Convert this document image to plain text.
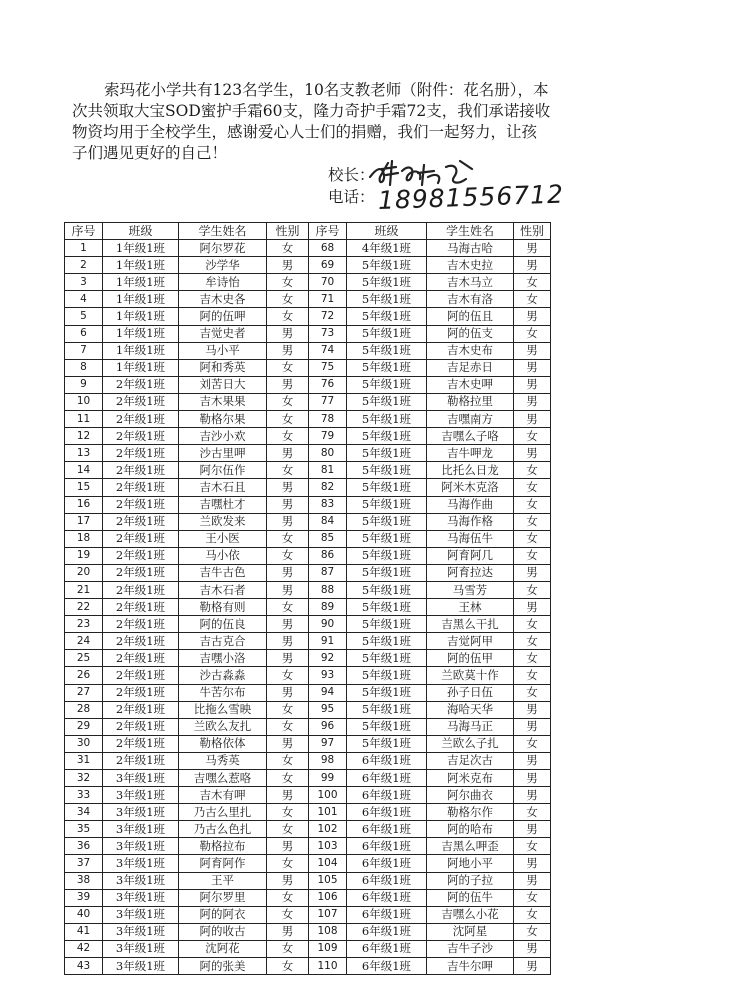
索玛花小学共有123名学生，10名支教老师（附件：花名册），本次共领取大宝SOD蜜护手霜60支，隆力奇护手霜72支，我们承诺接收物资均用于全校学生，感谢爱心人士们的捐赠，我们一起努力，让孩子们遇见更好的自己！

校长：
电话： 18981556712
序号	班级	学生姓名	性别	序号	班级	学生姓名	性别
1	1年级1班	阿尔罗花	女	68	4年级1班	马海古哈	男
2	1年级1班	沙学华	男	69	5年级1班	吉木史拉	男
3	1年级1班	牟诗怡	女	70	5年级1班	吉木马立	女
4	1年级1班	吉木史各	女	71	5年级1班	吉木有洛	女
5	1年级1班	阿的伍呷	女	72	5年级1班	阿的伍且	男
6	1年级1班	吉觉史者	男	73	5年级1班	阿的伍支	女
7	1年级1班	马小平	男	74	5年级1班	吉木史布	男
8	1年级1班	阿和秀英	女	75	5年级1班	吉足赤日	男
9	2年级1班	刘苦日大	男	76	5年级1班	吉木史呷	男
10	2年级1班	吉木果果	女	77	5年级1班	勒格拉里	男
11	2年级1班	勒格尔果	女	78	5年级1班	吉嘿南方	男
12	2年级1班	吉沙小欢	女	79	5年级1班	吉嘿么子咯	女
13	2年级1班	沙古里呷	男	80	5年级1班	吉牛呷龙	男
14	2年级1班	阿尔伍作	女	81	5年级1班	比托么日龙	女
15	2年级1班	吉木石且	男	82	5年级1班	阿米木克洛	女
16	2年级1班	吉嘿杜才	男	83	5年级1班	马海作曲	女
17	2年级1班	兰欧发来	男	84	5年级1班	马海作格	女
18	2年级1班	王小医	女	85	5年级1班	马海伍牛	女
19	2年级1班	马小依	女	86	5年级1班	阿育阿几	女
20	2年级1班	吉牛古色	男	87	5年级1班	阿育拉达	男
21	2年级1班	吉木石者	男	88	5年级1班	马雪芳	女
22	2年级1班	勒格有则	女	89	5年级1班	王林	男
23	2年级1班	阿的伍良	男	90	5年级1班	吉黑么干扎	女
24	2年级1班	吉古克合	男	91	5年级1班	吉觉阿甲	女
25	2年级1班	吉嘿小洛	男	92	5年级1班	阿的伍甲	女
26	2年级1班	沙古淼淼	女	93	5年级1班	兰欧莫十作	女
27	2年级1班	牛苦尔布	男	94	5年级1班	孙子日伍	女
28	2年级1班	比拖么雪映	女	95	5年级1班	海哈天华	男
29	2年级1班	兰欧么友扎	女	96	5年级1班	马海马正	男
30	2年级1班	勒格依体	男	97	5年级1班	兰欧么子扎	女
31	2年级1班	马秀英	女	98	6年级1班	吉足次古	男
32	3年级1班	吉嘿么惹咯	女	99	6年级1班	阿米克布	男
33	3年级1班	吉木有呷	男	100	6年级1班	阿尔曲衣	男
34	3年级1班	乃古么里扎	女	101	6年级1班	勒格尔作	女
35	3年级1班	乃古么色扎	女	102	6年级1班	阿的哈布	男
36	3年级1班	勒格拉布	男	103	6年级1班	吉黑么呷歪	女
37	3年级1班	阿育阿作	女	104	6年级1班	阿地小平	男
38	3年级1班	王平	男	105	6年级1班	阿的子拉	男
39	3年级1班	阿尔罗里	女	106	6年级1班	阿的伍牛	女
40	3年级1班	阿的阿衣	女	107	6年级1班	吉嘿么小花	女
41	3年级1班	阿的收古	男	108	6年级1班	沈阿星	女
42	3年级1班	沈阿花	女	109	6年级1班	吉牛子沙	男
43	3年级1班	阿的张美	女	110	6年级1班	吉牛尔呷	男
